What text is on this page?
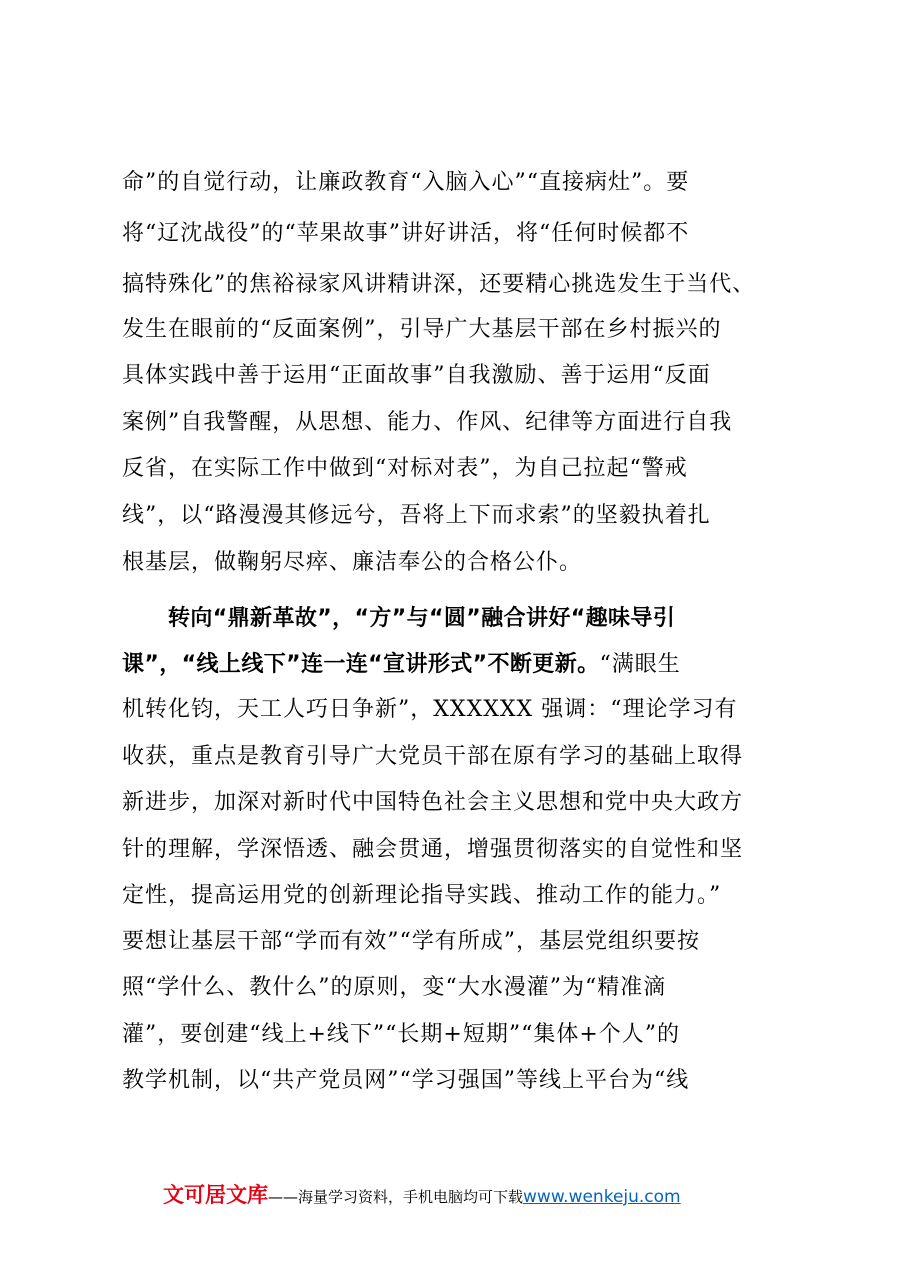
命”的自觉行动，让廉政教育“入脑入心”“直接病灶”。要
将“辽沈战役”的“苹果故事”讲好讲活，将“任何时候都不
搞特殊化”的焦裕禄家风讲精讲深，还要精心挑选发生于当代、
发生在眼前的“反面案例”，引导广大基层干部在乡村振兴的
具体实践中善于运用“正面故事”自我激励、善于运用“反面
案例”自我警醒，从思想、能力、作风、纪律等方面进行自我
反省，在实际工作中做到“对标对表”，为自己拉起“警戒
线”，以“路漫漫其修远兮，吾将上下而求索”的坚毅执着扎
根基层，做鞠躬尽瘁、廉洁奉公的合格公仆。
转向“鼎新革故”，“方”与“圆”融合讲好“趣味导引
课”，“线上线下”连一连“宣讲形式”不断更新。“满眼生
机转化钧，天工人巧日争新”，XXXXXX 强调：“理论学习有
收获，重点是教育引导广大党员干部在原有学习的基础上取得
新进步，加深对新时代中国特色社会主义思想和党中央大政方
针的理解，学深悟透、融会贯通，增强贯彻落实的自觉性和坚
定性，提高运用党的创新理论指导实践、推动工作的能力。”
要想让基层干部“学而有效”“学有所成”，基层党组织要按
照“学什么、教什么”的原则，变“大水漫灌”为“精准滴
灌”，要创建“线上+线下”“长期+短期”“集体+个人”的
教学机制，以“共产党员网”“学习强国”等线上平台为“线
文可居文库——海量学习资料，手机电脑均可下载www.wenkeju.com
